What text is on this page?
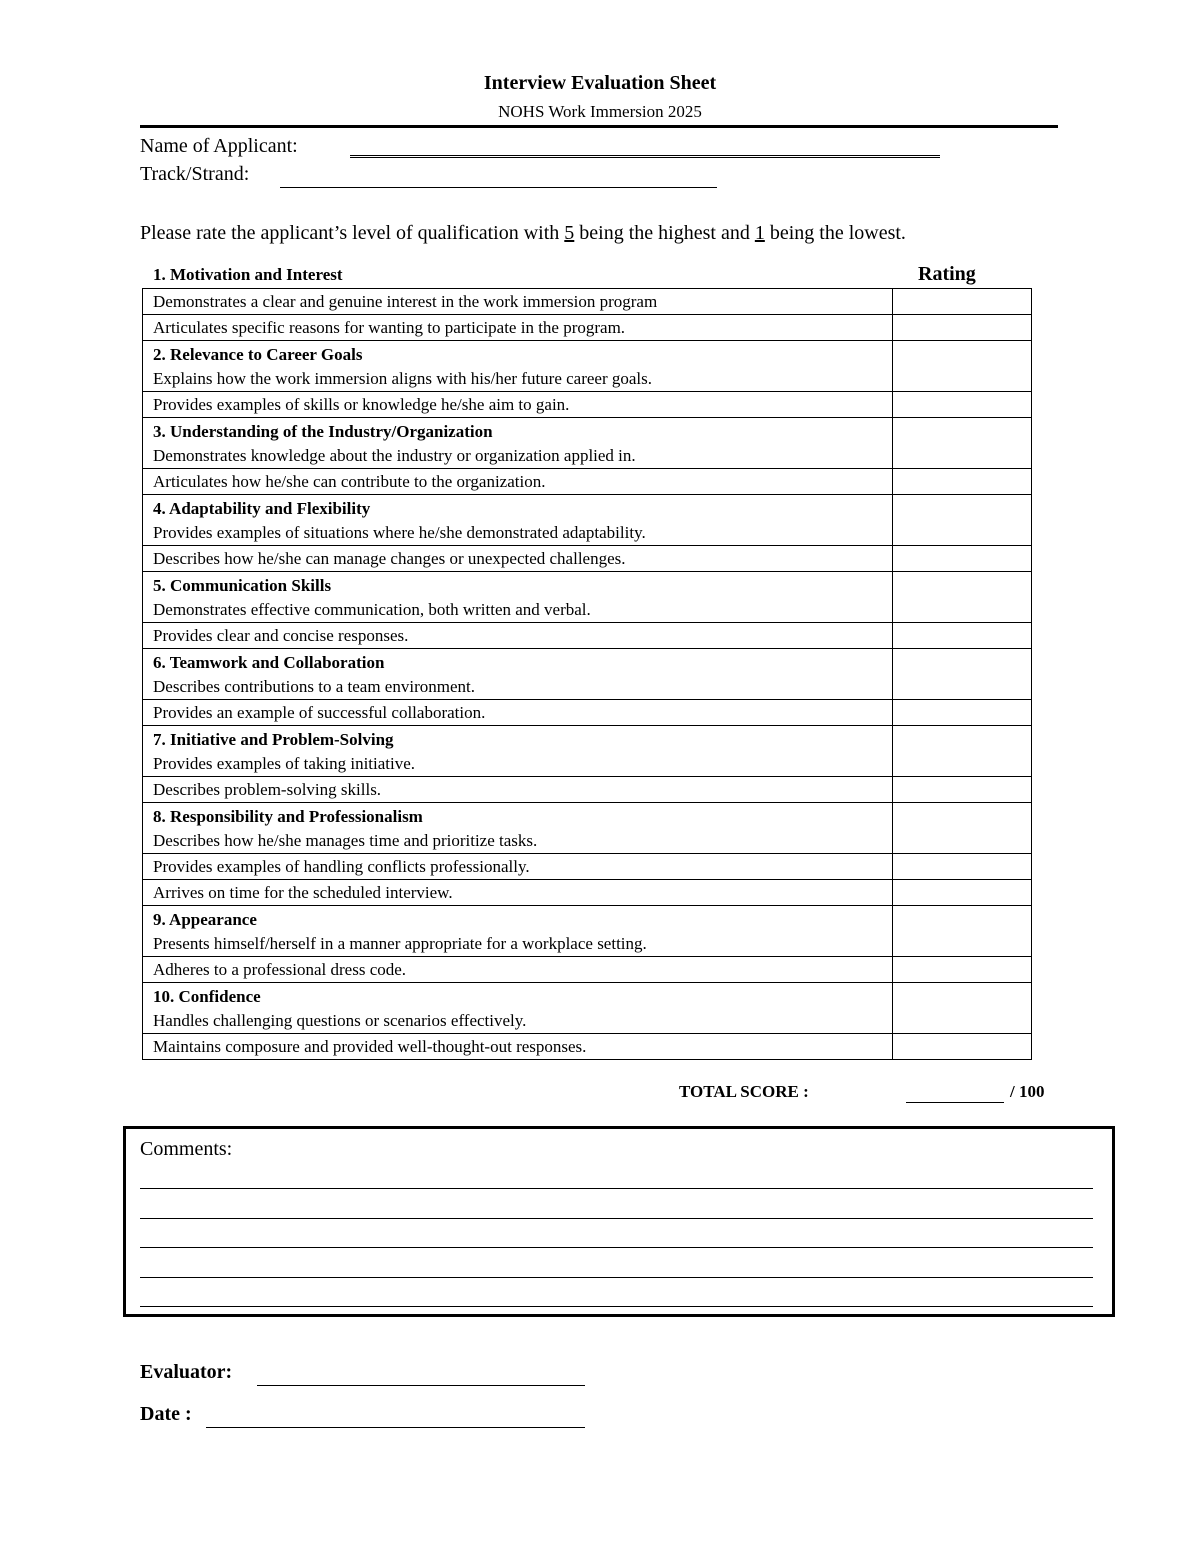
Interview Evaluation Sheet
NOHS Work Immersion 2025
Name of Applicant:
Track/Strand:
Please rate the applicant’s level of qualification with 5 being the highest and 1 being the lowest.
1. Motivation and Interest	Rating
Demonstrates a clear and genuine interest in the work immersion program	
Articulates specific reasons for wanting to participate in the program.	

2. Relevance to Career Goals
Explains how the work immersion aligns with his/her future career goals.	
Provides examples of skills or knowledge he/she aim to gain.	

3. Understanding of the Industry/Organization
Demonstrates knowledge about the industry or organization applied in.	
Articulates how he/she can contribute to the organization.	

4. Adaptability and Flexibility
Provides examples of situations where he/she demonstrated adaptability.	
Describes how he/she can manage changes or unexpected challenges.	

5. Communication Skills
Demonstrates effective communication, both written and verbal.	
Provides clear and concise responses.	

6. Teamwork and Collaboration
Describes contributions to a team environment.	
Provides an example of successful collaboration.	

7. Initiative and Problem-Solving
Provides examples of taking initiative.	
Describes problem-solving skills.	

8. Responsibility and Professionalism
Describes how he/she manages time and prioritize tasks.	
Provides examples of handling conflicts professionally.	
Arrives on time for the scheduled interview.	

9. Appearance
Presents himself/herself in a manner appropriate for a workplace setting.	
Adheres to a professional dress code.	

10. Confidence
Handles challenging questions or scenarios effectively.	
Maintains composure and provided well-thought-out responses.	
TOTAL SCORE :	/ 100
Comments:
Evaluator:
Date :
